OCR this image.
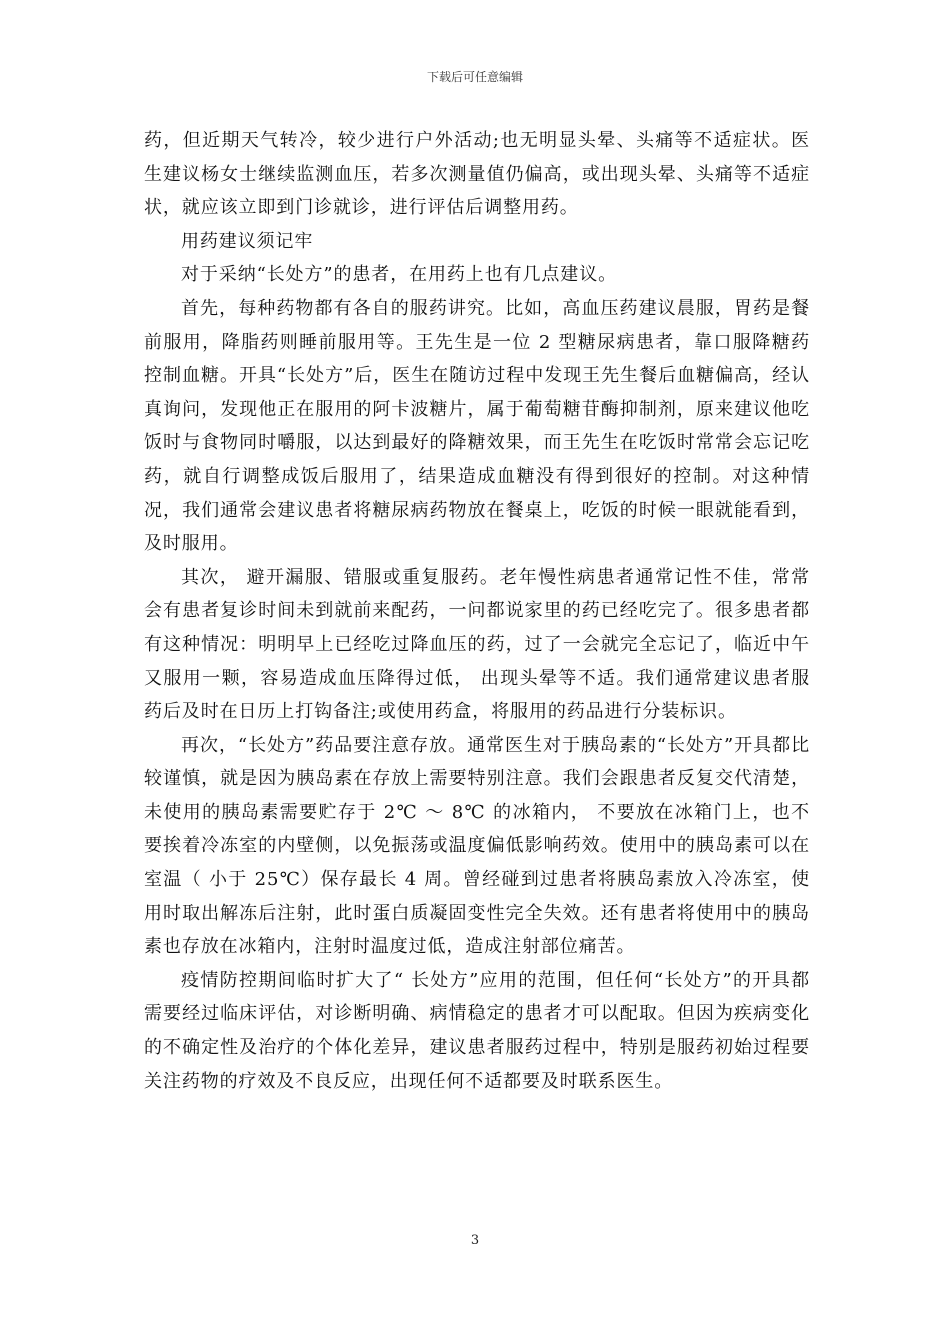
下载后可任意编辑

药，但近期天气转冷，较少进行户外活动;也无明显头晕、头痛等不适症状。医生建议杨女士继续监测血压，若多次测量值仍偏高，或出现头晕、头痛等不适症状，就应该立即到门诊就诊，进行评估后调整用药。

用药建议须记牢

对于采纳“长处方”的患者，在用药上也有几点建议。

首先，每种药物都有各自的服药讲究。比如，高血压药建议晨服，胃药是餐前服用，降脂药则睡前服用等。王先生是一位 2 型糖尿病患者，靠口服降糖药控制血糖。开具“长处方”后，医生在随访过程中发现王先生餐后血糖偏高，经认真询问，发现他正在服用的阿卡波糖片，属于葡萄糖苷酶抑制剂，原来建议他吃饭时与食物同时嚼服，以达到最好的降糖效果，而王先生在吃饭时常常会忘记吃药，就自行调整成饭后服用了，结果造成血糖没有得到很好的控制。对这种情况，我们通常会建议患者将糖尿病药物放在餐桌上，吃饭的时候一眼就能看到，及时服用。

其次， 避开漏服、错服或重复服药。老年慢性病患者通常记性不佳，常常会有患者复诊时间未到就前来配药，一问都说家里的药已经吃完了。很多患者都有这种情况：明明早上已经吃过降血压的药，过了一会就完全忘记了，临近中午又服用一颗，容易造成血压降得过低， 出现头晕等不适。我们通常建议患者服药后及时在日历上打钩备注;或使用药盒，将服用的药品进行分装标识。

再次，“长处方”药品要注意存放。通常医生对于胰岛素的“长处方”开具都比较谨慎，就是因为胰岛素在存放上需要特别注意。我们会跟患者反复交代清楚，未使用的胰岛素需要贮存于 2℃ ～ 8℃ 的冰箱内， 不要放在冰箱门上，也不要挨着冷冻室的内壁侧，以免振荡或温度偏低影响药效。使用中的胰岛素可以在室温（ 小于 25℃）保存最长 4 周。曾经碰到过患者将胰岛素放入冷冻室，使用时取出解冻后注射，此时蛋白质凝固变性完全失效。还有患者将使用中的胰岛素也存放在冰箱内，注射时温度过低，造成注射部位痛苦。

疫情防控期间临时扩大了“ 长处方”应用的范围，但任何“长处方”的开具都需要经过临床评估，对诊断明确、病情稳定的患者才可以配取。但因为疾病变化的不确定性及治疗的个体化差异，建议患者服药过程中，特别是服药初始过程要关注药物的疗效及不良反应，出现任何不适都要及时联系医生。

3
